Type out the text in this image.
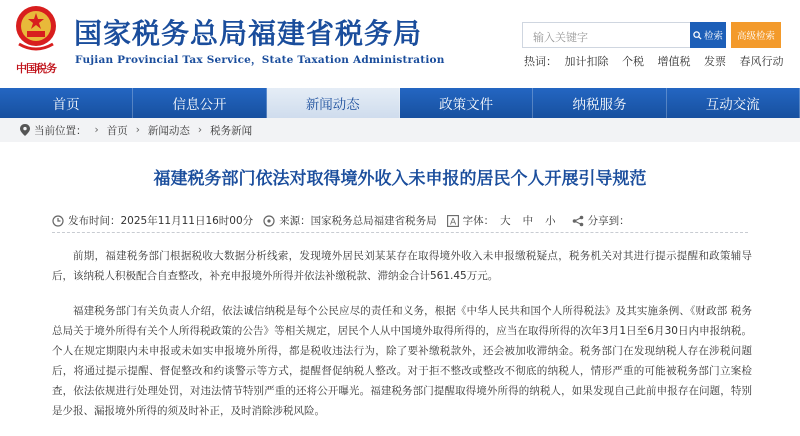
中国税务
国家税务总局福建省税务局
Fujian Provincial Tax Service，State Taxation Administration
输入关键字	检索	高级检索
热词： 加计扣除 个税 增值税 发票 春风行动
首页	信息公开	新闻动态	政策文件	纳税服务	互动交流
当前位置： › 首页 › 新闻动态 › 税务新闻
福建税务部门依法对取得境外收入未申报的居民个人开展引导规范
发布时间：2025年11月11日16时00分 来源：国家税务总局福建省税务局 A 字体： 大 中 小	分享到：

前期，福建税务部门根据税收大数据分析线索，发现境外居民刘某某存在取得境外收入未申报缴税疑点，税务机关对其进行提示提醒和政策辅导后，该纳税人积极配合自查整改，补充申报境外所得并依法补缴税款、滞纳金合计561.45万元。

福建税务部门有关负责人介绍，依法诚信纳税是每个公民应尽的责任和义务，根据《中华人民共和国个人所得税法》及其实施条例、《财政部 税务总局关于境外所得有关个人所得税政策的公告》等相关规定，居民个人从中国境外取得所得的，应当在取得所得的次年3月1日至6月30日内申报纳税。个人在规定期限内未申报或未如实申报境外所得，都是税收违法行为，除了要补缴税款外，还会被加收滞纳金。税务部门在发现纳税人存在涉税问题后，将通过提示提醒、督促整改和约谈警示等方式，提醒督促纳税人整改。对于拒不整改或整改不彻底的纳税人，情形严重的可能被税务部门立案检查，依法依规进行处理处罚，对违法情节特别严重的还将公开曝光。福建税务部门提醒取得境外所得的纳税人，如果发现自己此前申报存在问题，特别是少报、漏报境外所得的须及时补正，及时消除涉税风险。
